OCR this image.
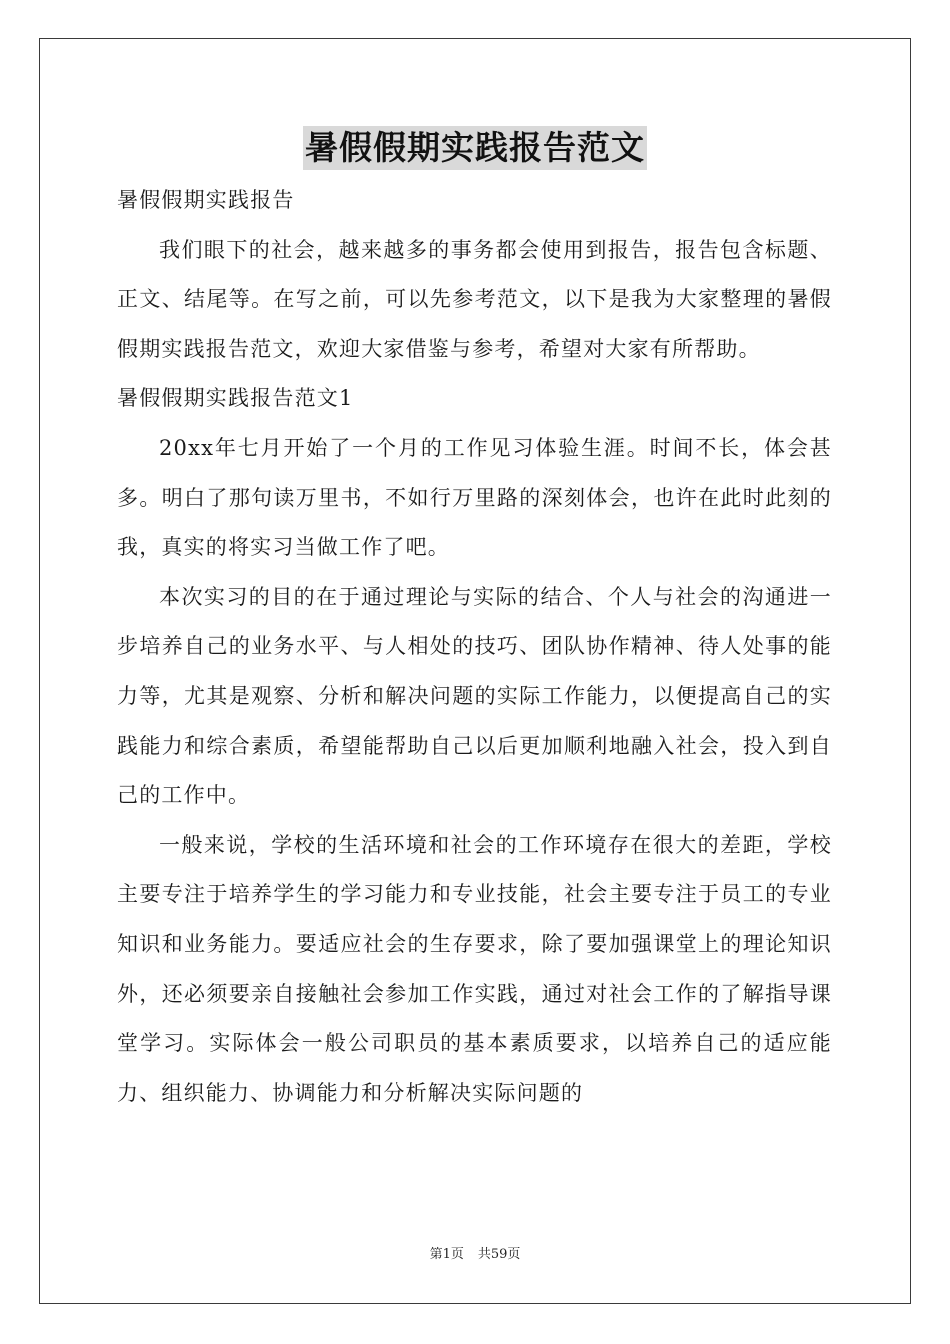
暑假假期实践报告范文

暑假假期实践报告

我们眼下的社会，越来越多的事务都会使用到报告，报告包含标题、正文、结尾等。在写之前，可以先参考范文，以下是我为大家整理的暑假假期实践报告范文，欢迎大家借鉴与参考，希望对大家有所帮助。

暑假假期实践报告范文1

20xx年七月开始了一个月的工作见习体验生涯。时间不长，体会甚多。明白了那句读万里书，不如行万里路的深刻体会，也许在此时此刻的我，真实的将实习当做工作了吧。

本次实习的目的在于通过理论与实际的结合、个人与社会的沟通进一步培养自己的业务水平、与人相处的技巧、团队协作精神、待人处事的能力等，尤其是观察、分析和解决问题的实际工作能力，以便提高自己的实践能力和综合素质，希望能帮助自己以后更加顺利地融入社会，投入到自己的工作中。

一般来说，学校的生活环境和社会的工作环境存在很大的差距，学校主要专注于培养学生的学习能力和专业技能，社会主要专注于员工的专业知识和业务能力。要适应社会的生存要求，除了要加强课堂上的理论知识外，还必须要亲自接触社会参加工作实践，通过对社会工作的了解指导课堂学习。实际体会一般公司职员的基本素质要求，以培养自己的适应能力、组织能力、协调能力和分析解决实际问题的

第1页 共59页
